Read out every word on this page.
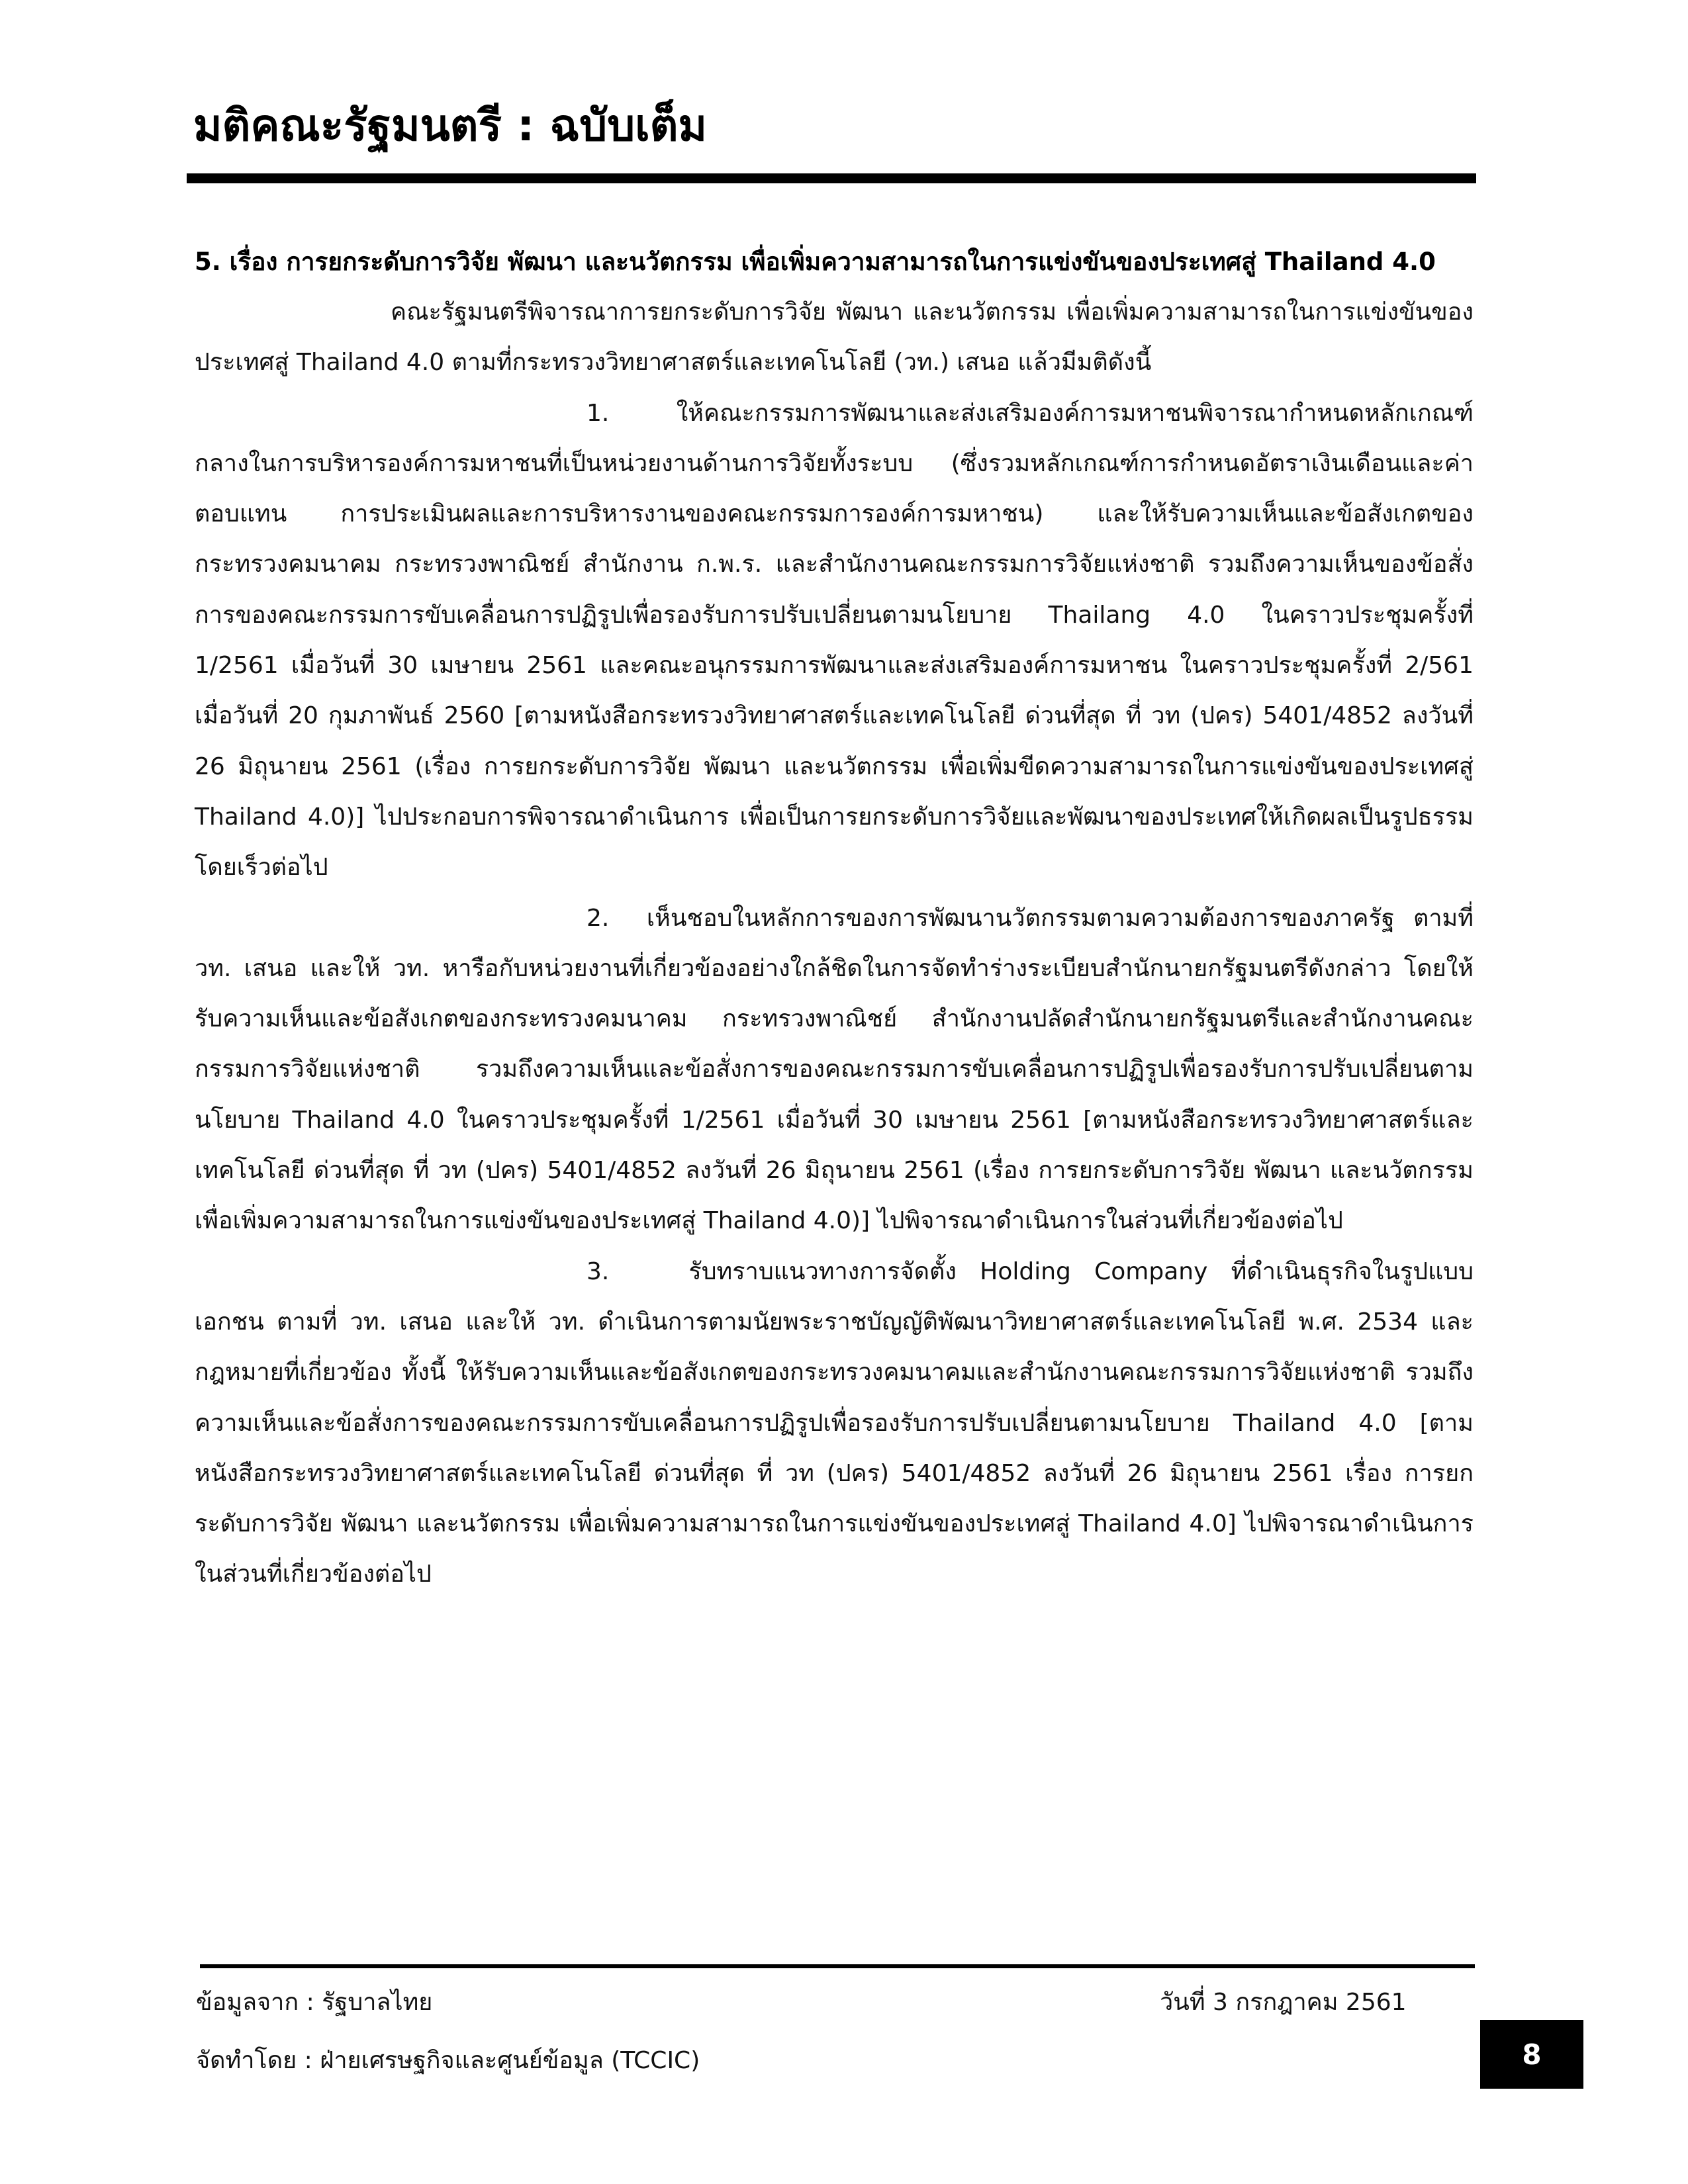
มติคณะรัฐมนตรี : ฉบับเต็ม

5. เรื่อง การยกระดับการวิจัย พัฒนา และนวัตกรรม เพื่อเพิ่มความสามารถในการแข่งขันของประเทศสู่ Thailand 4.0

คณะรัฐมนตรีพิจารณาการยกระดับการวิจัย พัฒนา และนวัตกรรม เพื่อเพิ่มความสามารถในการแข่งขันของประเทศสู่ Thailand 4.0 ตามที่กระทรวงวิทยาศาสตร์และเทคโนโลยี (วท.) เสนอ แล้วมีมติดังนี้

1.	ให้คณะกรรมการพัฒนาและส่งเสริมองค์การมหาชนพิจารณากำหนดหลักเกณฑ์กลางในการบริหารองค์การมหาชนที่เป็นหน่วยงานด้านการวิจัยทั้งระบบ (ซึ่งรวมหลักเกณฑ์การกำหนดอัตราเงินเดือนและค่าตอบแทน การประเมินผลและการบริหารงานของคณะกรรมการองค์การมหาชน) และให้รับความเห็นและข้อสังเกตของกระทรวงคมนาคม กระทรวงพาณิชย์ สำนักงาน ก.พ.ร. และสำนักงานคณะกรรมการวิจัยแห่งชาติ รวมถึงความเห็นของข้อสั่งการของคณะกรรมการขับเคลื่อนการปฏิรูปเพื่อรองรับการปรับเปลี่ยนตามนโยบาย Thailang 4.0 ในคราวประชุมครั้งที่ 1/2561 เมื่อวันที่ 30 เมษายน 2561 และคณะอนุกรรมการพัฒนาและส่งเสริมองค์การมหาชน ในคราวประชุมครั้งที่ 2/561 เมื่อวันที่ 20 กุมภาพันธ์ 2560 [ตามหนังสือกระทรวงวิทยาศาสตร์และเทคโนโลยี ด่วนที่สุด ที่ วท (ปคร) 5401/4852 ลงวันที่ 26 มิถุนายน 2561 (เรื่อง การยกระดับการวิจัย พัฒนา และนวัตกรรม เพื่อเพิ่มขีดความสามารถในการแข่งขันของประเทศสู่ Thailand 4.0)] ไปประกอบการพิจารณาดำเนินการ เพื่อเป็นการยกระดับการวิจัยและพัฒนาของประเทศให้เกิดผลเป็นรูปธรรมโดยเร็วต่อไป

2. เห็นชอบในหลักการของการพัฒนานวัตกรรมตามความต้องการของภาครัฐ ตามที่ วท. เสนอ และให้ วท. หารือกับหน่วยงานที่เกี่ยวข้องอย่างใกล้ชิดในการจัดทำร่างระเบียบสำนักนายกรัฐมนตรีดังกล่าว โดยให้รับความเห็นและข้อสังเกตของกระทรวงคมนาคม กระทรวงพาณิชย์ สำนักงานปลัดสำนักนายกรัฐมนตรีและสำนักงานคณะกรรมการวิจัยแห่งชาติ รวมถึงความเห็นและข้อสั่งการของคณะกรรมการขับเคลื่อนการปฏิรูปเพื่อรองรับการปรับเปลี่ยนตามนโยบาย Thailand 4.0 ในคราวประชุมครั้งที่ 1/2561 เมื่อวันที่ 30 เมษายน 2561 [ตามหนังสือกระทรวงวิทยาศาสตร์และเทคโนโลยี ด่วนที่สุด ที่ วท (ปคร) 5401/4852 ลงวันที่ 26 มิถุนายน 2561 (เรื่อง การยกระดับการวิจัย พัฒนา และนวัตกรรม เพื่อเพิ่มความสามารถในการแข่งขันของประเทศสู่ Thailand 4.0)] ไปพิจารณาดำเนินการในส่วนที่เกี่ยวข้องต่อไป

3.	รับทราบแนวทางการจัดตั้ง Holding Company ที่ดำเนินธุรกิจในรูปแบบเอกชน ตามที่ วท. เสนอ และให้ วท. ดำเนินการตามนัยพระราชบัญญัติพัฒนาวิทยาศาสตร์และเทคโนโลยี พ.ศ. 2534 และกฎหมายที่เกี่ยวข้อง ทั้งนี้ ให้รับความเห็นและข้อสังเกตของกระทรวงคมนาคมและสำนักงานคณะกรรมการวิจัยแห่งชาติ รวมถึงความเห็นและข้อสั่งการของคณะกรรมการขับเคลื่อนการปฏิรูปเพื่อรองรับการปรับเปลี่ยนตามนโยบาย Thailand 4.0 [ตามหนังสือกระทรวงวิทยาศาสตร์และเทคโนโลยี ด่วนที่สุด ที่ วท (ปคร) 5401/4852 ลงวันที่ 26 มิถุนายน 2561 เรื่อง การยกระดับการวิจัย พัฒนา และนวัตกรรม เพื่อเพิ่มความสามารถในการแข่งขันของประเทศสู่ Thailand 4.0] ไปพิจารณาดำเนินการในส่วนที่เกี่ยวข้องต่อไป

ข้อมูลจาก : รัฐบาลไทย	วันที่ 3 กรกฎาคม 2561
จัดทำโดย : ฝ่ายเศรษฐกิจและศูนย์ข้อมูล (TCCIC)	8
